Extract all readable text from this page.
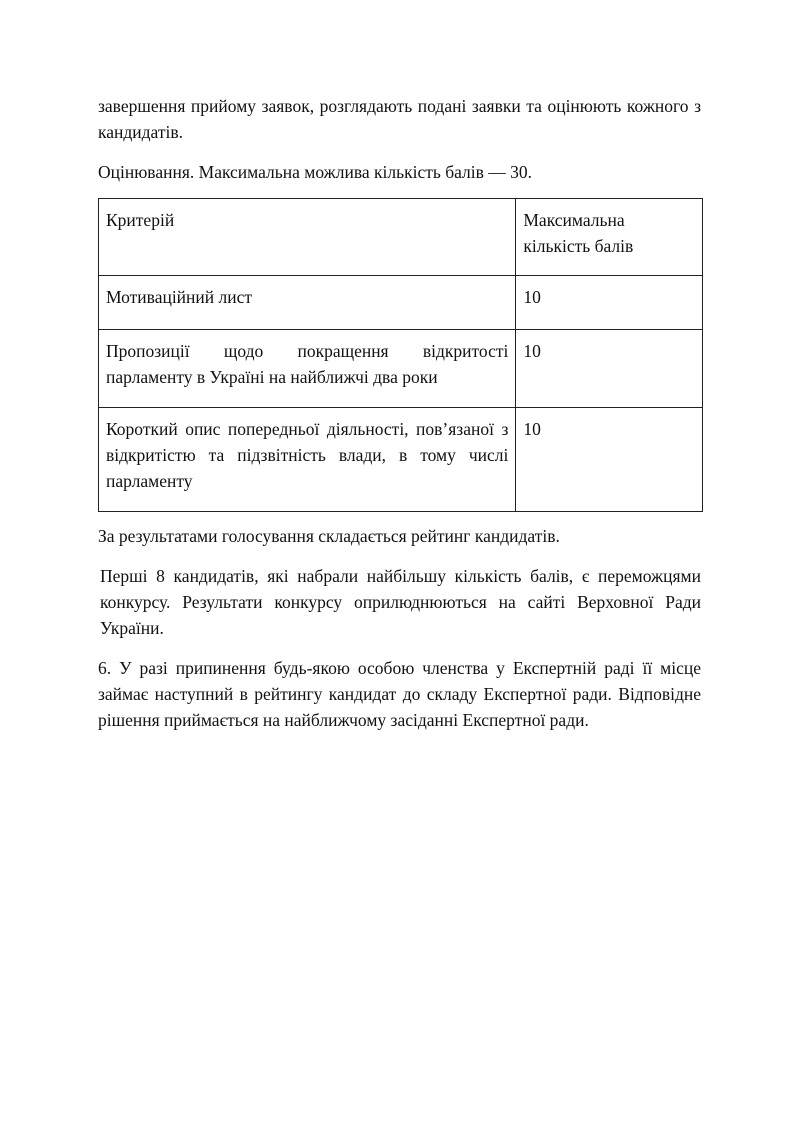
завершення прийому заявок, розглядають подані заявки та оцінюють кожного з кандидатів.

Оцінювання. Максимальна можлива кількість балів — 30.

Критерій	Максимальна кількість балів
Мотиваційний лист	10
Пропозиції щодо покращення відкритості парламенту в Україні на найближчі два роки	10
Короткий опис попередньої діяльності, пов’язаної з відкритістю та підзвітність влади, в тому числі парламенту	10

За результатами голосування складається рейтинг кандидатів.

Перші 8 кандидатів, які набрали найбільшу кількість балів, є переможцями конкурсу. Результати конкурсу оприлюднюються на сайті Верховної Ради України.

6. У разі припинення будь-якою особою членства у Експертній раді її місце займає наступний в рейтингу кандидат до складу Експертної ради. Відповідне рішення приймається на найближчому засіданні Експертної ради.
